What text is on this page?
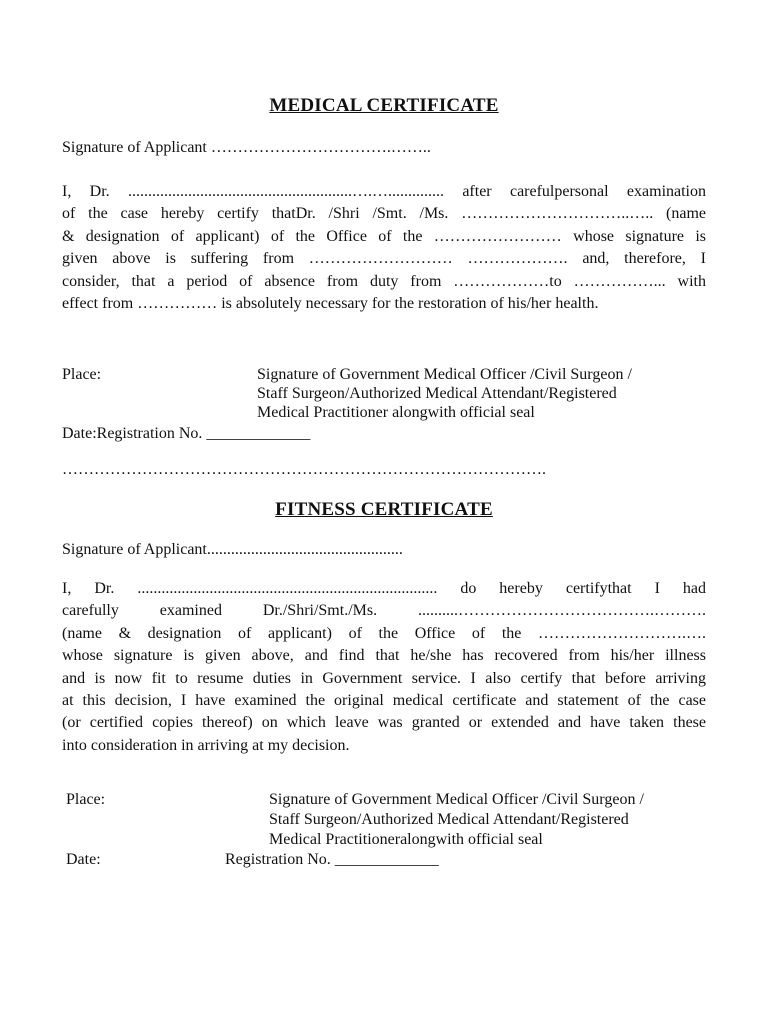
MEDICAL CERTIFICATE
Signature of Applicant …………………………….……..
I, Dr. ........................................................….….............. after carefulpersonal examination
of the case hereby certify thatDr. /Shri /Smt. /Ms. …………………………..….. (name
& designation of applicant) of the Office of the …………………… whose signature is
given above is suffering from ……………………… ………………. and, therefore, I
consider, that a period of absence from duty from ………………to ……………... with
effect from …………… is absolutely necessary for the restoration of his/her health.
Place:	Signature of Government Medical Officer /Civil Surgeon /
Staff Surgeon/Authorized Medical Attendant/Registered
Medical Practitioner alongwith official seal
Date:Registration No. _____________
……………………………………………………………………………….
FITNESS CERTIFICATE
Signature of Applicant.................................................
I, Dr. ........................................................................... do hereby certifythat I had
carefully examined Dr./Shri/Smt./Ms. ..........……………………………….……….
(name & designation of applicant) of the Office of the ……………………….….
whose signature is given above, and find that he/she has recovered from his/her illness
and is now fit to resume duties in Government service. I also certify that before arriving
at this decision, I have examined the original medical certificate and statement of the case
(or certified copies thereof) on which leave was granted or extended and have taken these
into consideration in arriving at my decision.
Place:	Signature of Government Medical Officer /Civil Surgeon /
Staff Surgeon/Authorized Medical Attendant/Registered
Medical Practitioneralongwith official seal
Date:	Registration No. _____________
